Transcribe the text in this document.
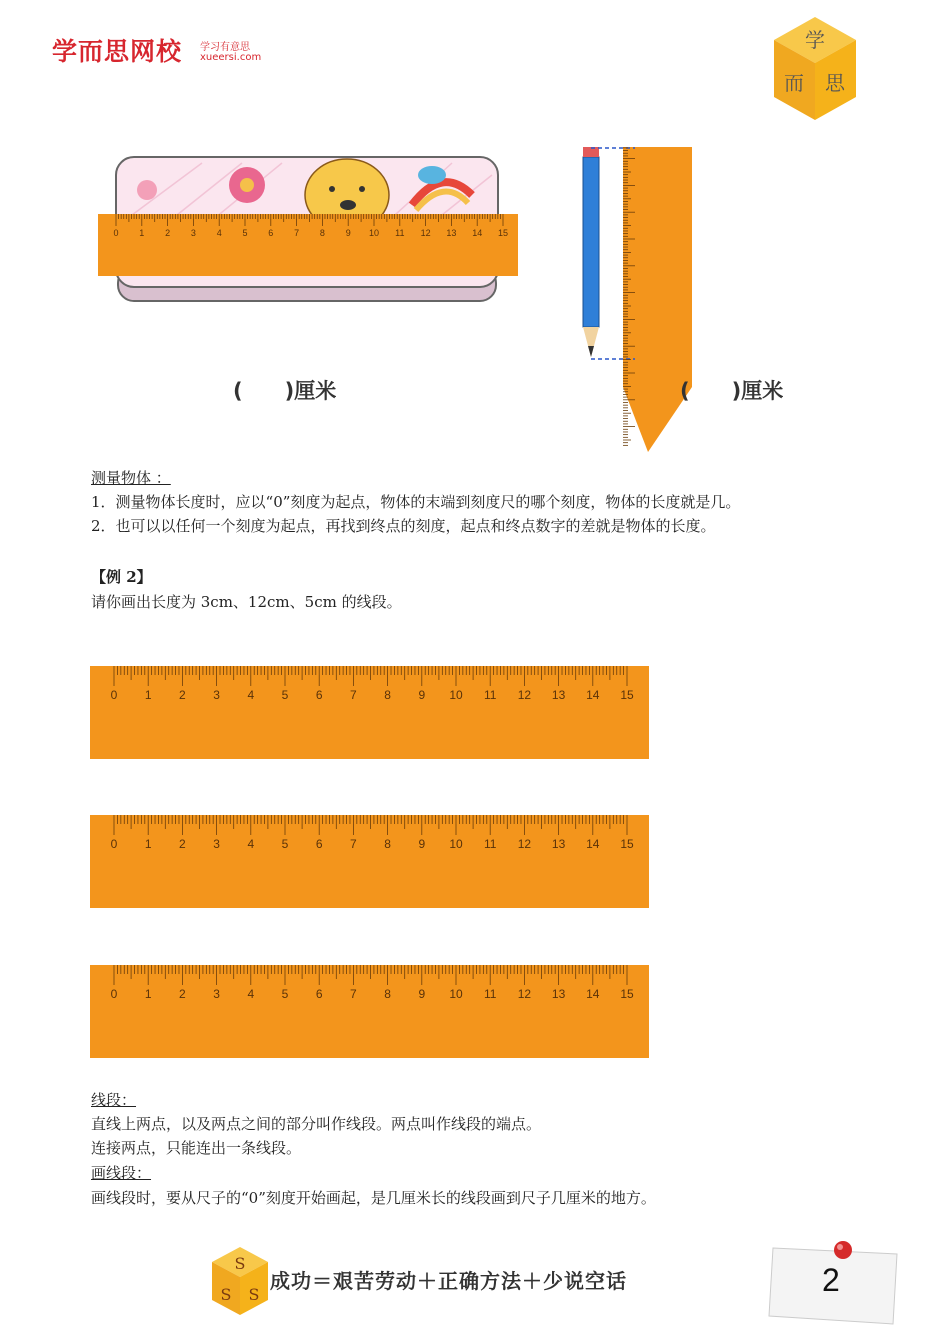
学而思网校 学习有意思
xueersi.com
学
而 思
0 1 2 3 4 5 6 7 8 9 10 11 12 13 14 15
(　　)厘米	(　　)厘米
测量物体 ：
1．测量物体长度时，应以“0”刻度为起点，物体的末端到刻度尺的哪个刻度，物体的长度就是几。
2．也可以以任何一个刻度为起点，再找到终点的刻度，起点和终点数字的差就是物体的长度。
【例 2】
请你画出长度为 3cm、12cm、5cm 的线段。
0 1 2 3 4 5 6 7 8 9 10 11 12 13 14 15
0 1 2 3 4 5 6 7 8 9 10 11 12 13 14 15
0 1 2 3 4 5 6 7 8 9 10 11 12 13 14 15
线段：
直线上两点，以及两点之间的部分叫作线段。两点叫作线段的端点。
连接两点，只能连出一条线段。
画线段：
画线段时，要从尺子的“0”刻度开始画起，是几厘米长的线段画到尺子几厘米的地方。
S
S S
成功＝艰苦劳动＋正确方法＋少说空话	2
